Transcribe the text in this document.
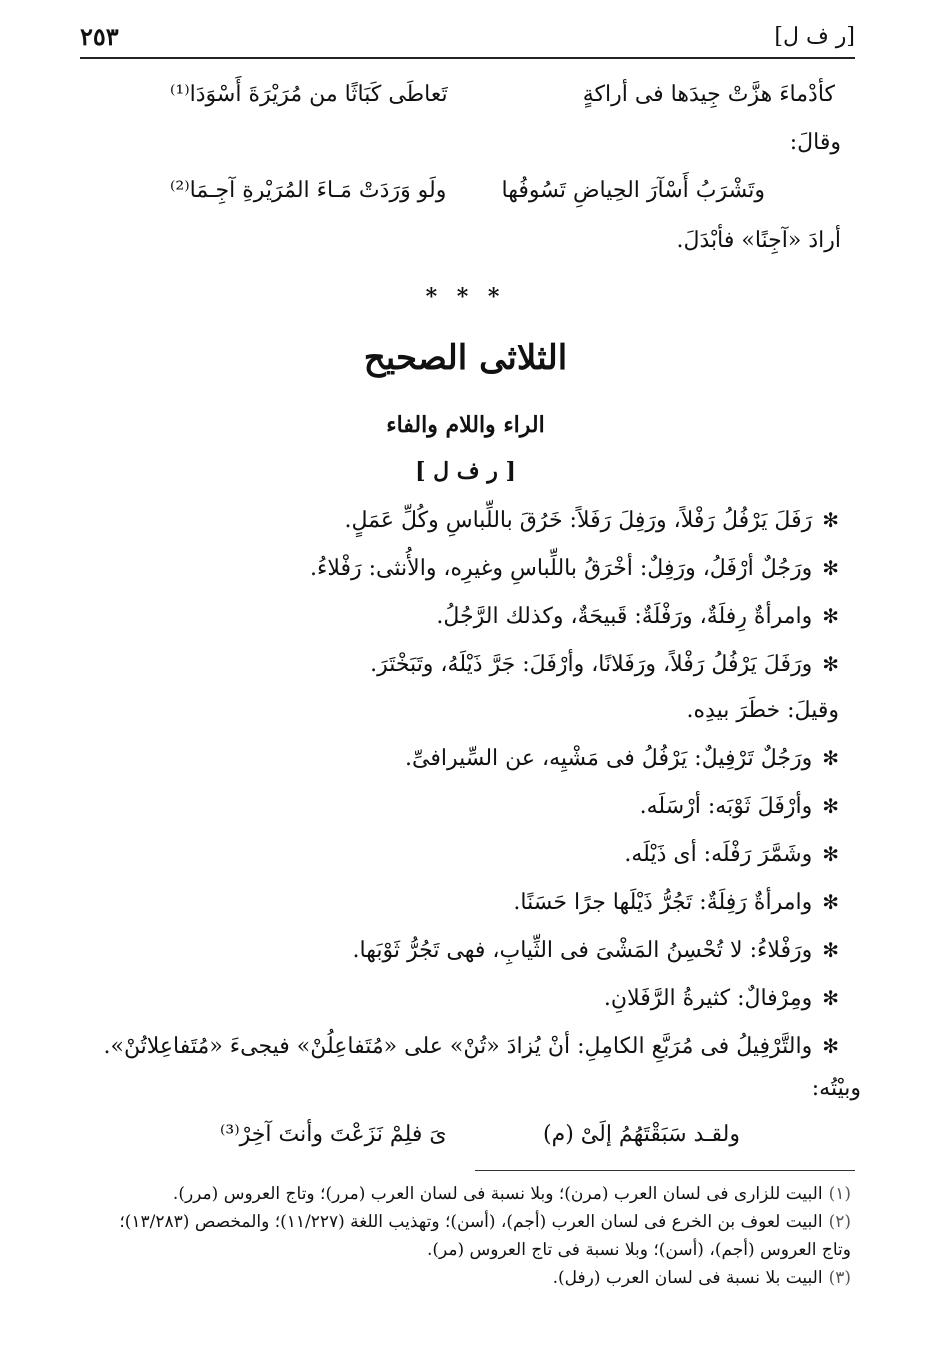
[ر ف ل]
٢٥٣
كأدْماءَ هزَّتْ جِيدَها فى أراكةٍ
تَعاطَى كَبَاثًا من مُرَيْرَةَ أَسْوَدَا⁽¹⁾
وقالَ:
وتَشْرَبُ أَسْآرَ الحِياضِ تَسُوفُها
ولَو وَرَدَتْ مَـاءَ المُرَيْرةِ آجِـمَا⁽²⁾
أرادَ «آجِنًا» فأبْدَلَ.
* * *
الثلاثى الصحيح
الراء واللام والفاء
[ ر ف ل ]
✻رَفَلَ يَرْفُلُ رَفْلاً، ورَفِلَ رَفَلاً: خَرُقَ باللِّباسِ وكُلِّ عَمَلٍ.
✻ورَجُلٌ أرْفَلُ، ورَفِلٌ: أخْرَقُ باللِّباسِ وغيرِه، والأُنثى: رَفْلاءُ.
✻وامرأةٌ رِفلَةٌ، ورَفْلَةٌ: قَبيحَةٌ، وكذلك الرَّجُلُ.
✻ورَفَلَ يَرْفُلُ رَفْلاً، ورَفَلانًا، وأرْفَلَ: جَرَّ ذَيْلَهُ، وتَبَخْتَرَ.
وقيلَ: خطَرَ بيدِه.
✻ورَجُلٌ تَرْفِيلٌ: يَرْفُلُ فى مَشْيِه، عن السِّيرافىِّ.
✻وأرْفَلَ ثَوْبَه: أرْسَلَه.
✻وشَمَّرَ رَفْلَه: أى ذَيْلَه.
✻وامرأةٌ رَفِلَةٌ: تَجُرُّ ذَيْلَها جرًا حَسَنًا.
✻ورَفْلاءُ: لا تُحْسِنُ المَشْىَ فى الثِّيابِ، فهى تَجُرُّ ثَوْبَها.
✻ومِرْفالٌ: كثيرةُ الرَّفَلانِ.
✻والتَّرْفِيلُ فى مُرَبَّعِ الكامِلِ: أنْ يُزادَ «تُنْ» على «مُتَفاعِلُنْ» فيجىءَ «مُتَفاعِلاتُنْ».
وبيْتُه:
ولقـد سَبَقْتَهُمُ إلَىْ (م)
ىَ فلِمْ نَزَعْتَ وأنتَ آخِرْ⁽³⁾
(١)البيت للزارى فى لسان العرب (مرن)؛ وبلا نسبة فى لسان العرب (مرر)؛ وتاج العروس (مرر).
(٢)البيت لعوف بن الخرع فى لسان العرب (أجم)، (أسن)؛ وتهذيب اللغة (١١/٢٢٧)؛ والمخصص (١٣/٢٨٣)؛ وتاج العروس (أجم)، (أسن)؛ وبلا نسبة فى تاج العروس (مر).
(٣)البيت بلا نسبة فى لسان العرب (رفل).
